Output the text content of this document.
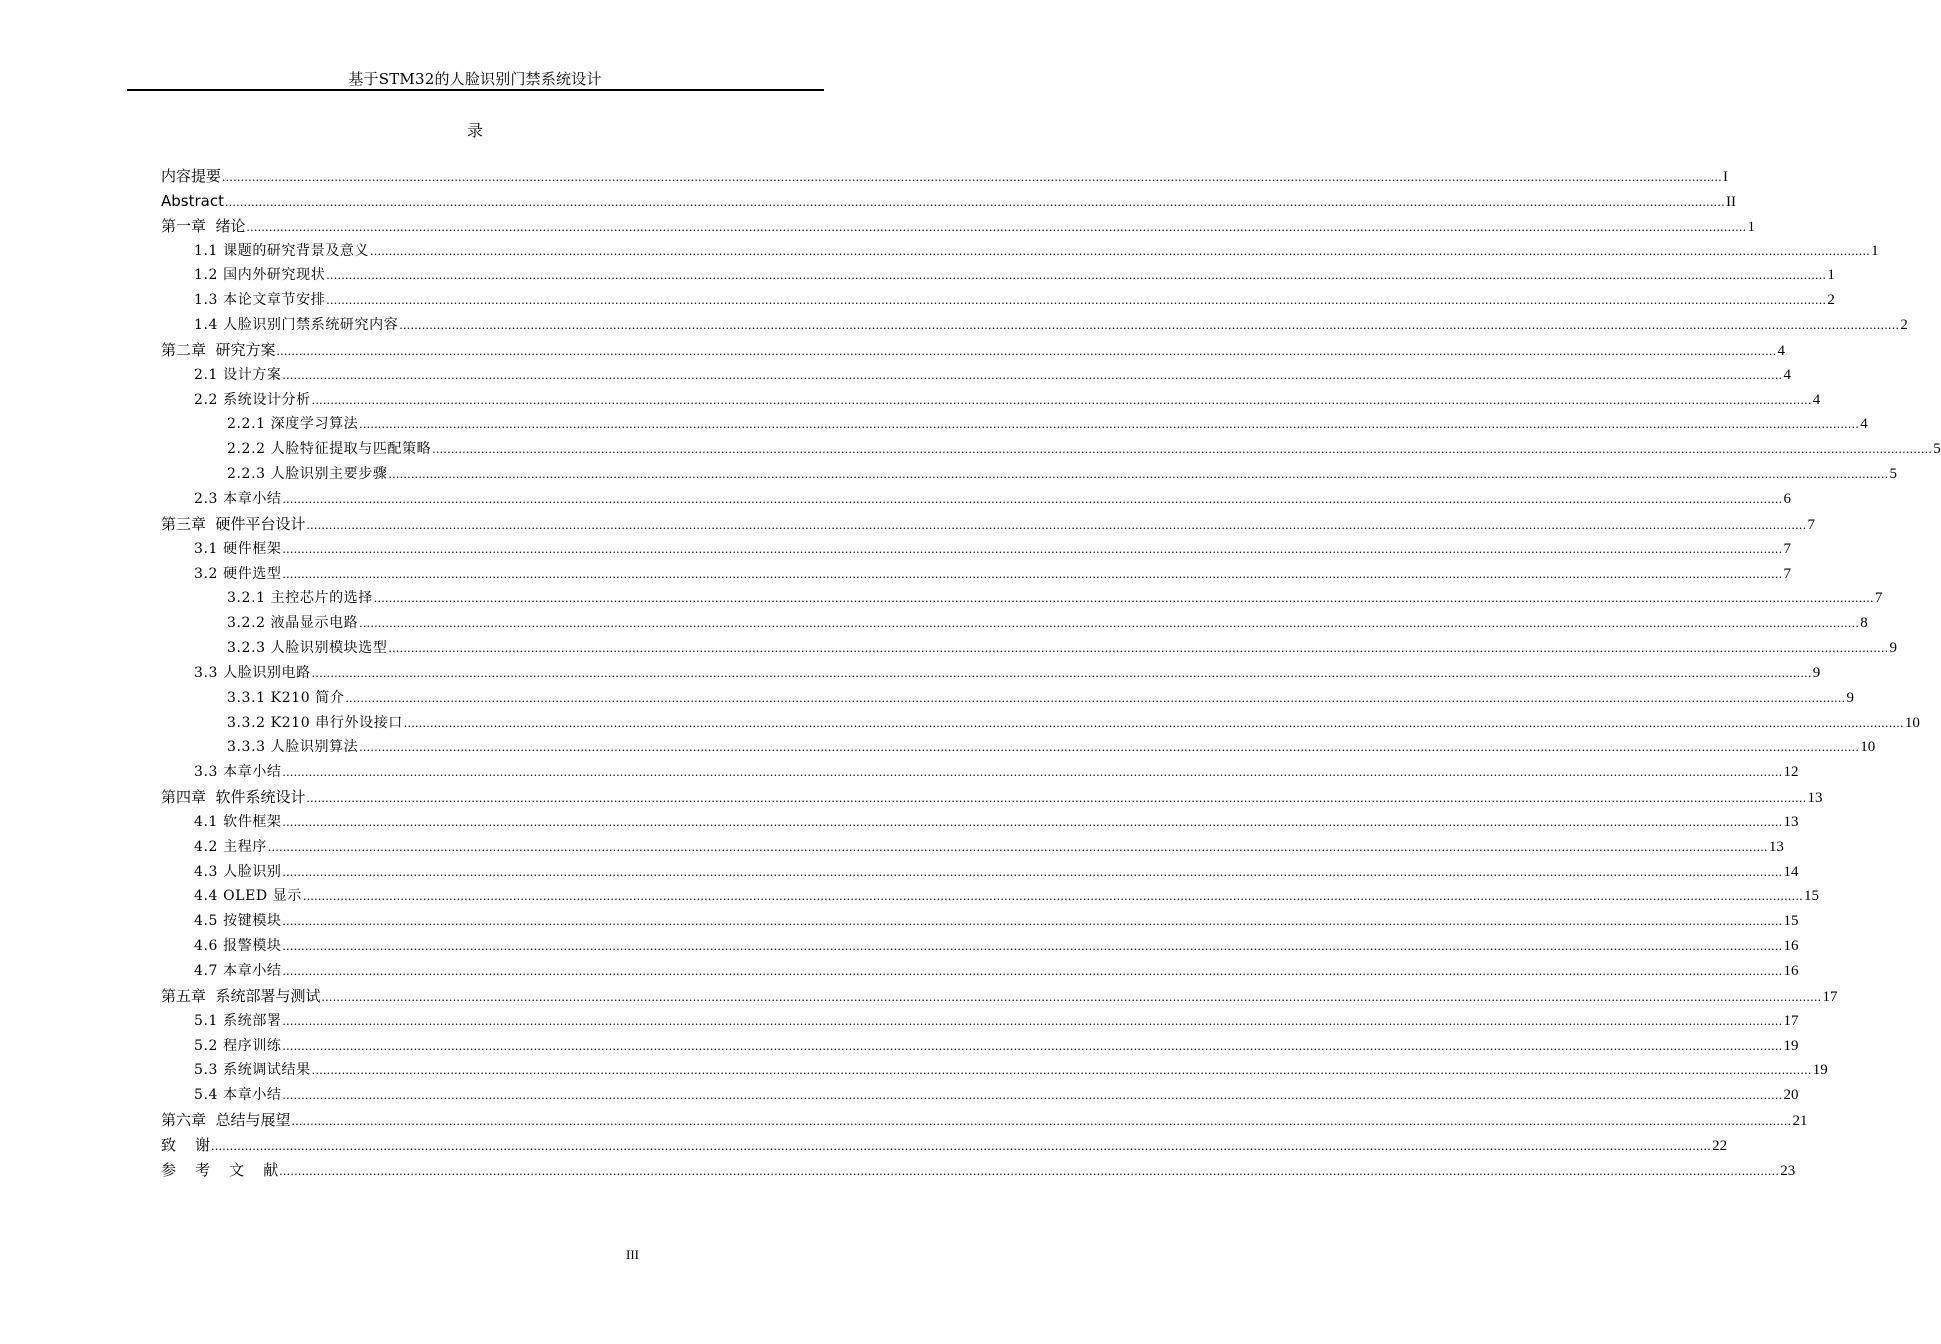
基于STM32的人脸识别门禁系统设计
录
内容提要 ................................................................................................................................................................................................................................................................................................................................................................................................................ I
Abstract ................................................................................................................................................................................................................................................................................................................................................................................................................ II
第一章  绪论 ................................................................................................................................................................................................................................................................................................................................................................................................................ 1
1.1 课题的研究背景及意义 ................................................................................................................................................................................................................................................................................................................................................................................................................ 1
1.2 国内外研究现状 ................................................................................................................................................................................................................................................................................................................................................................................................................ 1
1.3 本论文章节安排 ................................................................................................................................................................................................................................................................................................................................................................................................................ 2
1.4 人脸识别门禁系统研究内容 ................................................................................................................................................................................................................................................................................................................................................................................................................ 2
第二章  研究方案 ................................................................................................................................................................................................................................................................................................................................................................................................................ 4
2.1 设计方案 ................................................................................................................................................................................................................................................................................................................................................................................................................ 4
2.2 系统设计分析 ................................................................................................................................................................................................................................................................................................................................................................................................................ 4
2.2.1 深度学习算法 ................................................................................................................................................................................................................................................................................................................................................................................................................ 4
2.2.2 人脸特征提取与匹配策略 ................................................................................................................................................................................................................................................................................................................................................................................................................ 5
2.2.3 人脸识别主要步骤 ................................................................................................................................................................................................................................................................................................................................................................................................................ 5
2.3 本章小结 ................................................................................................................................................................................................................................................................................................................................................................................................................ 6
第三章  硬件平台设计 ................................................................................................................................................................................................................................................................................................................................................................................................................ 7
3.1 硬件框架 ................................................................................................................................................................................................................................................................................................................................................................................................................ 7
3.2 硬件选型 ................................................................................................................................................................................................................................................................................................................................................................................................................ 7
3.2.1 主控芯片的选择 ................................................................................................................................................................................................................................................................................................................................................................................................................ 7
3.2.2 液晶显示电路 ................................................................................................................................................................................................................................................................................................................................................................................................................ 8
3.2.3 人脸识别模块选型 ................................................................................................................................................................................................................................................................................................................................................................................................................ 9
3.3 人脸识别电路 ................................................................................................................................................................................................................................................................................................................................................................................................................ 9
3.3.1 K210 简介 ................................................................................................................................................................................................................................................................................................................................................................................................................ 9
3.3.2 K210 串行外设接口 ................................................................................................................................................................................................................................................................................................................................................................................................................ 10
3.3.3 人脸识别算法 ................................................................................................................................................................................................................................................................................................................................................................................................................ 10
3.3 本章小结 ................................................................................................................................................................................................................................................................................................................................................................................................................ 12
第四章  软件系统设计 ................................................................................................................................................................................................................................................................................................................................................................................................................ 13
4.1 软件框架 ................................................................................................................................................................................................................................................................................................................................................................................................................ 13
4.2 主程序 ................................................................................................................................................................................................................................................................................................................................................................................................................ 13
4.3 人脸识别 ................................................................................................................................................................................................................................................................................................................................................................................................................ 14
4.4 OLED 显示 ................................................................................................................................................................................................................................................................................................................................................................................................................ 15
4.5 按键模块 ................................................................................................................................................................................................................................................................................................................................................................................................................ 15
4.6 报警模块 ................................................................................................................................................................................................................................................................................................................................................................................................................ 16
4.7 本章小结 ................................................................................................................................................................................................................................................................................................................................................................................................................ 16
第五章  系统部署与测试 ................................................................................................................................................................................................................................................................................................................................................................................................................ 17
5.1 系统部署 ................................................................................................................................................................................................................................................................................................................................................................................................................ 17
5.2 程序训练 ................................................................................................................................................................................................................................................................................................................................................................................................................ 19
5.3 系统调试结果 ................................................................................................................................................................................................................................................................................................................................................................................................................ 19
5.4 本章小结 ................................................................................................................................................................................................................................................................................................................................................................................................................ 20
第六章  总结与展望 ................................................................................................................................................................................................................................................................................................................................................................................................................ 21
致    谢 ................................................................................................................................................................................................................................................................................................................................................................................................................ 22
参    考    文    献 ................................................................................................................................................................................................................................................................................................................................................................................................................ 23
III
